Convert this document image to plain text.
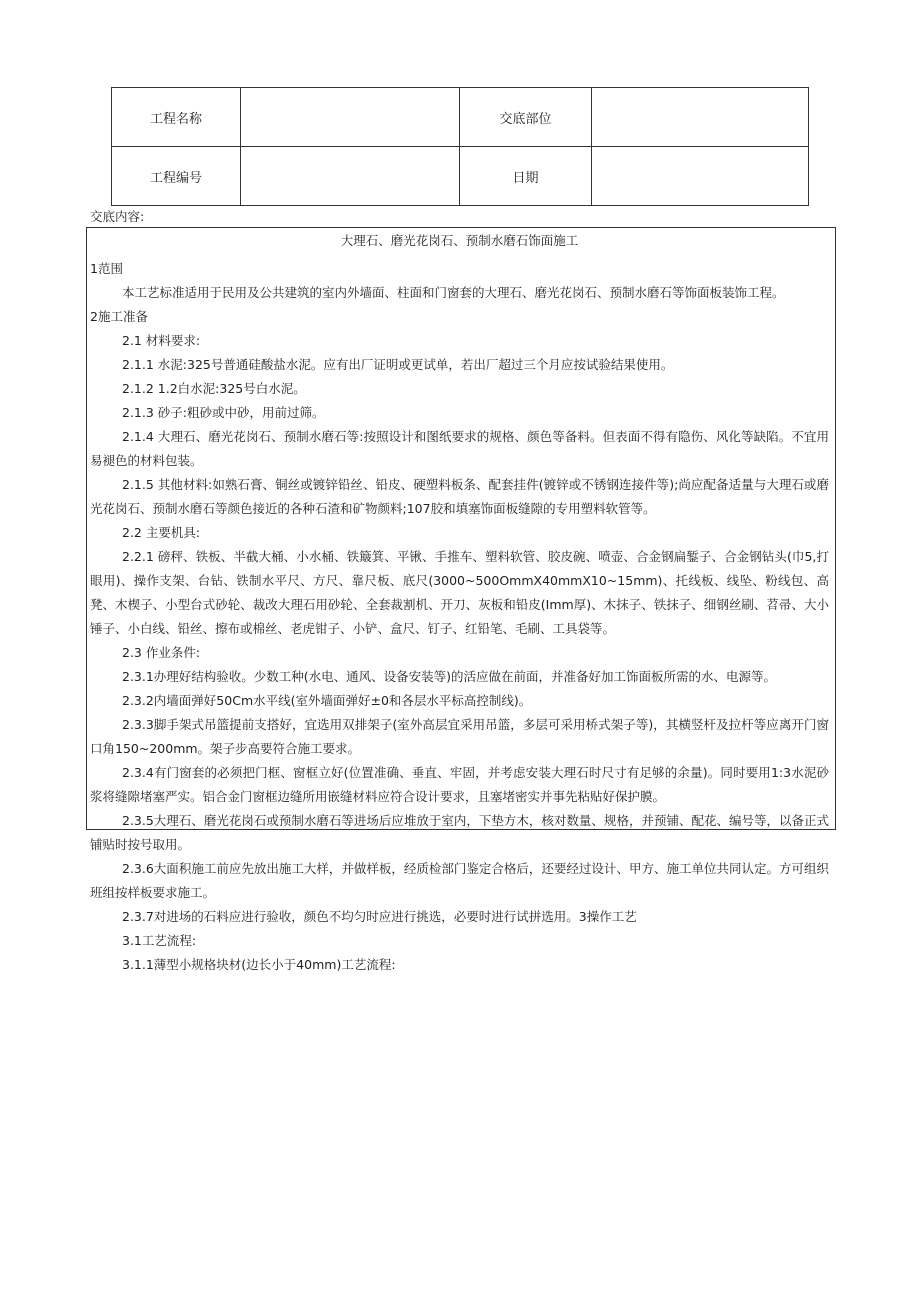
工程名称		交底部位	
工程编号		日期	
交底内容:
大理石、磨光花岗石、预制水磨石饰面施工

1范围

本工艺标准适用于民用及公共建筑的室内外墙面、柱面和门窗套的大理石、磨光花岗石、预制水磨石等饰面板装饰工程。

2施工准备

2.1 材料要求:

2.1.1 水泥:325号普通硅酸盐水泥。应有出厂证明或更试单，若出厂超过三个月应按试验结果使用。

2.1.2 1.2白水泥:325号白水泥。

2.1.3 砂子:粗砂或中砂，用前过筛。

2.1.4 大理石、磨光花岗石、预制水磨石等:按照设计和图纸要求的规格、颜色等备料。但表面不得有隐伤、风化等缺陷。不宜用易褪色的材料包装。

2.1.5 其他材料:如熟石膏、铜丝或镀锌铅丝、铅皮、硬塑料板条、配套挂件(镀锌或不锈钢连接件等);尚应配备适量与大理石或磨光花岗石、预制水磨石等颜色接近的各种石渣和矿物颜料;107胶和填塞饰面板缝隙的专用塑料软管等。

2.2 主要机具:

2.2.1 磅秤、铁板、半截大桶、小水桶、铁簸箕、平锹、手推车、塑料软管、胶皮碗、喷壶、合金钢扁錾子、合金钢钻头(巾5,打眼用)、操作支架、台钻、铁制水平尺、方尺、靠尺板、底尺(3000~500OmmX40mmX10~15mm)、托线板、线坠、粉线包、高凳、木楔子、小型台式砂轮、裁改大理石用砂轮、全套裁割机、开刀、灰板和铅皮(Imm厚)、木抹子、铁抹子、细钢丝刷、苕帚、大小锤子、小白线、铅丝、擦布或棉丝、老虎钳子、小铲、盒尺、钉子、红铅笔、毛刷、工具袋等。

2.3 作业条件:

2.3.1办理好结构验收。少数工种(水电、通风、设备安装等)的活应做在前面，并准备好加工饰面板所需的水、电源等。

2.3.2内墙面弹好50Cm水平线(室外墙面弹好±0和各层水平标高控制线)。

2.3.3脚手架式吊篮提前支搭好，宜选用双排架子(室外高层宜采用吊篮，多层可采用桥式架子等)，其横竖杆及拉杆等应离开门窗口角150~200mm。架子步高要符合施工要求。

2.3.4有门窗套的必须把门框、窗框立好(位置准确、垂直、牢固，并考虑安装大理石时尺寸有足够的余量)。同时要用1:3水泥砂浆将缝隙堵塞严实。铝合金门窗框边缝所用嵌缝材料应符合设计要求，且塞堵密实并事先粘贴好保护膜。

2.3.5大理石、磨光花岗石或预制水磨石等进场后应堆放于室内，下垫方木，核对数量、规格，并预铺、配花、编号等，以备正式铺贴时按号取用。

2.3.6大面积施工前应先放出施工大样，并做样板，经质检部门鉴定合格后，还要经过设计、甲方、施工单位共同认定。方可组织班组按样板要求施工。

2.3.7对进场的石料应进行验收，颜色不均匀时应进行挑选，必要时进行试拼选用。3操作工艺

3.1工艺流程:

3.1.1薄型小规格块材(边长小于40mm)工艺流程:
